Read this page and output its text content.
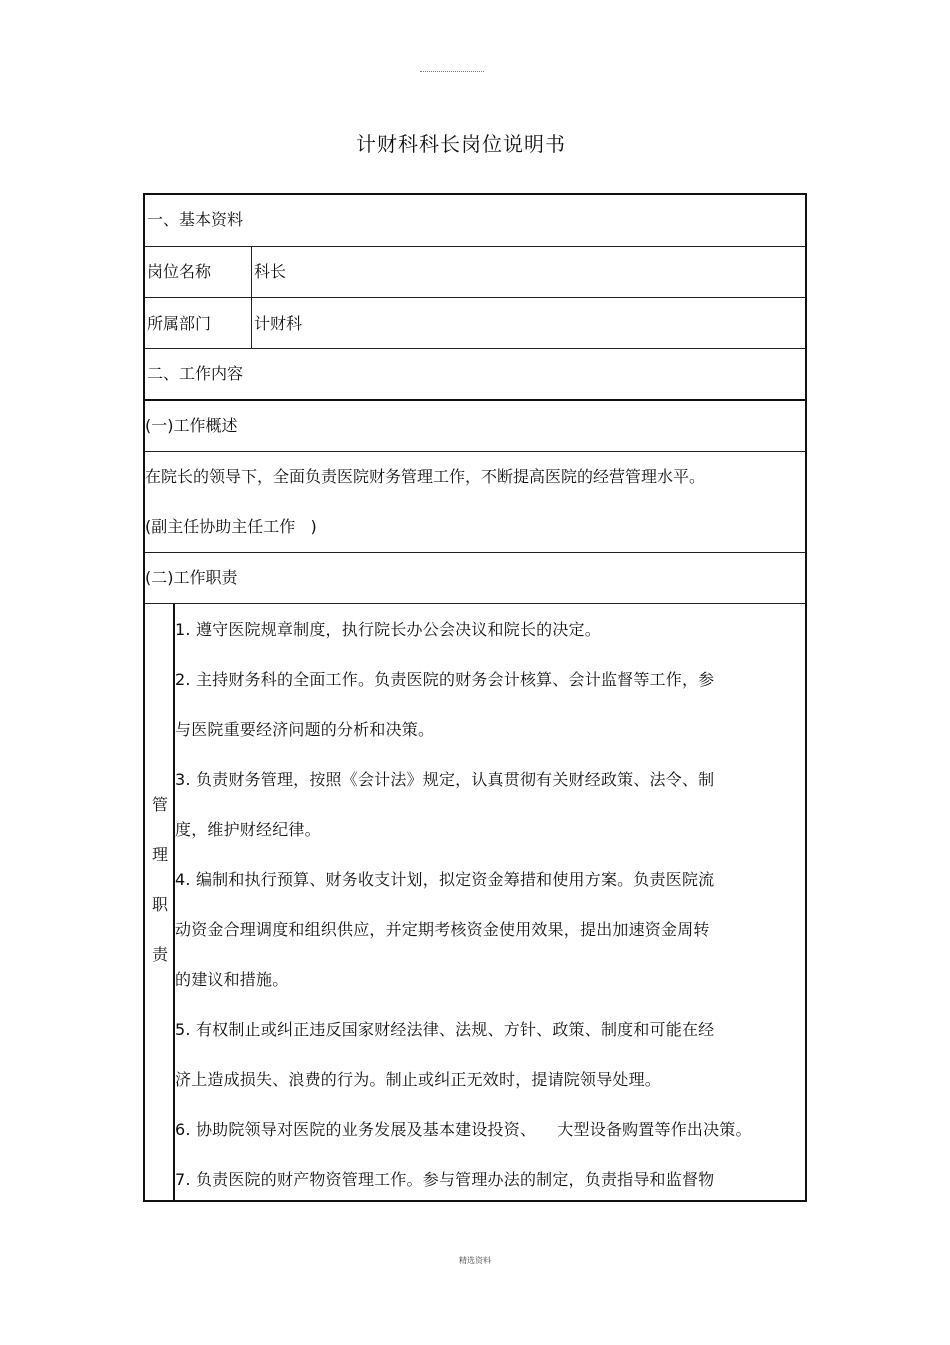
计财科科长岗位说明书
一、基本资料
岗位名称	科长
所属部门	计财科
二、工作内容
(一)工作概述
在院长的领导下，全面负责医院财务管理工作，不断提高医院的经营管理水平。
(副主任协助主任工作   )
(二)工作职责
管
理
职
责
1. 遵守医院规章制度，执行院长办公会决议和院长的决定。
2. 主持财务科的全面工作。负责医院的财务会计核算、会计监督等工作，参
与医院重要经济问题的分析和决策。
3. 负责财务管理，按照《会计法》规定，认真贯彻有关财经政策、法令、制
度，维护财经纪律。
4. 编制和执行预算、财务收支计划，拟定资金筹措和使用方案。负责医院流
动资金合理调度和组织供应，并定期考核资金使用效果，提出加速资金周转
的建议和措施。
5. 有权制止或纠正违反国家财经法律、法规、方针、政策、制度和可能在经
济上造成损失、浪费的行为。制止或纠正无效时，提请院领导处理。
6. 协助院领导对医院的业务发展及基本建设投资、    大型设备购置等作出决策。
7. 负责医院的财产物资管理工作。参与管理办法的制定，负责指导和监督物
精选资料
